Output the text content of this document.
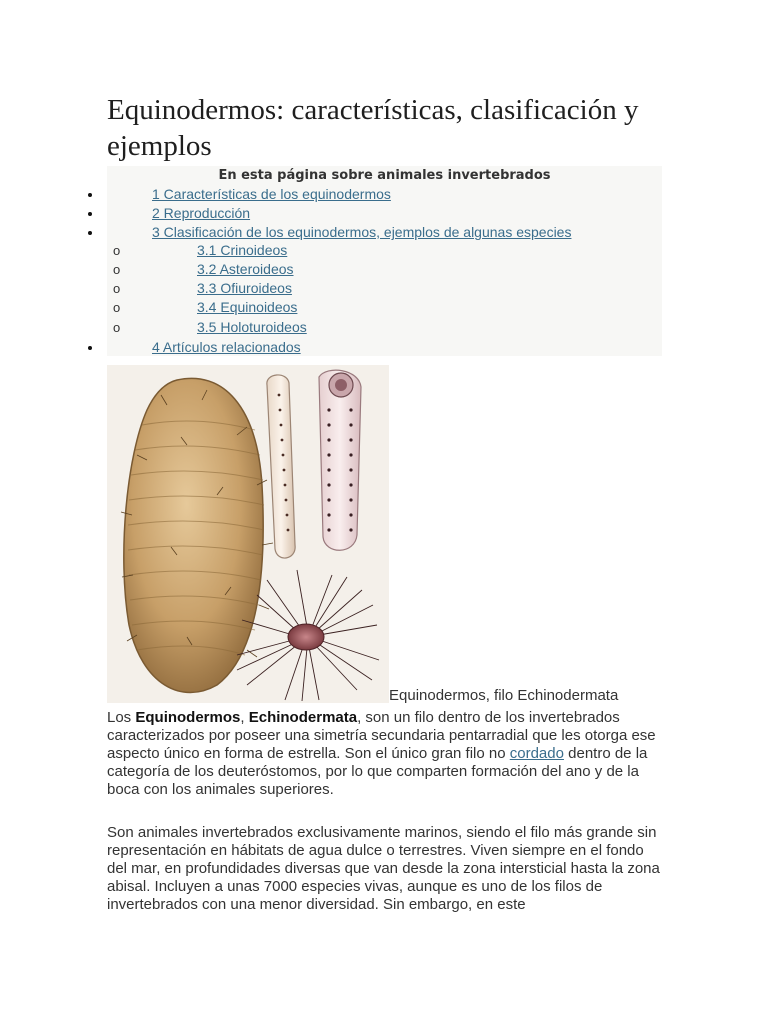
Equinodermos: características, clasificación y ejemplos
En esta página sobre animales invertebrados
1 Características de los equinodermos
2 Reproducción
3 Clasificación de los equinodermos, ejemplos de algunas especies
o	3.1 Crinoideos
o	3.2 Asteroideos
o	3.3 Ofiuroideos
o	3.4 Equinoideos
o	3.5 Holoturoideos
4 Artículos relacionados
Equinodermos, filo Echinodermata

Los Equinodermos, Echinodermata, son un filo dentro de los invertebrados caracterizados por poseer una simetría secundaria pentarradial que les otorga ese aspecto único en forma de estrella. Son el único gran filo no cordado dentro de la categoría de los deuteróstomos, por lo que comparten formación del ano y de la boca con los animales superiores.

Son animales invertebrados exclusivamente marinos, siendo el filo más grande sin representación en hábitats de agua dulce o terrestres. Viven siempre en el fondo del mar, en profundidades diversas que van desde la zona intersticial hasta la zona abisal. Incluyen a unas 7000 especies vivas, aunque es uno de los filos de invertebrados con una menor diversidad. Sin embargo, en este
